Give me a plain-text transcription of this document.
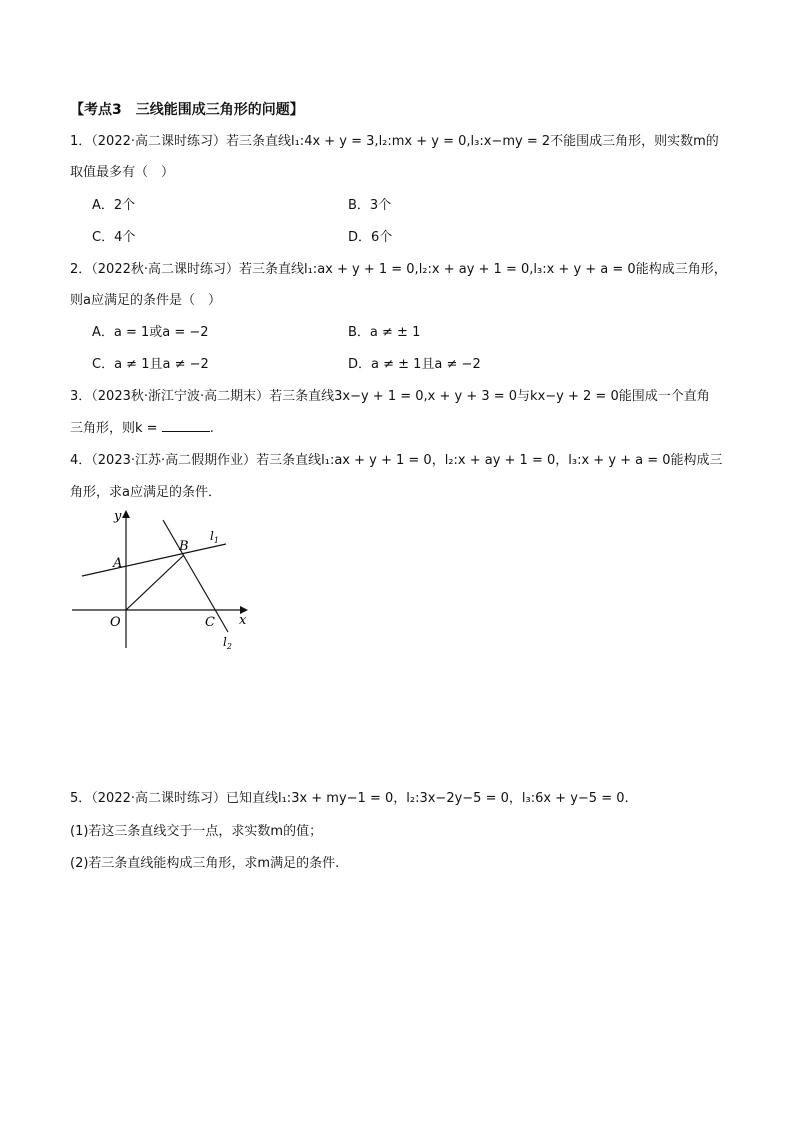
【考点3　三线能围成三角形的问题】
1．（2022·高二课时练习）若三条直线l₁:4x + y = 3,l₂:mx + y = 0,l₃:x−my = 2不能围成三角形，则实数m的
取值最多有（　）
A．2个	B．3个
C．4个	D．6个
2．（2022秋·高二课时练习）若三条直线l₁:ax + y + 1 = 0,l₂:x + ay + 1 = 0,l₃:x + y + a = 0能构成三角形，
则a应满足的条件是（　）
A．a = 1或a = −2	B．a ≠ ± 1
C．a ≠ 1且a ≠ −2	D．a ≠ ± 1且a ≠ −2
3．（2023秋·浙江宁波·高二期末）若三条直线3x−y + 1 = 0,x + y + 3 = 0与kx−y + 2 = 0能围成一个直角
三角形，则k =	.
4．（2023·江苏·高二假期作业）若三条直线l₁:ax + y + 1 = 0，l₂:x + ay + 1 = 0，l₃:x + y + a = 0能构成三
角形，求a应满足的条件．
y
x
O
A
B
C
$l_1$
$l_2$
5．（2022·高二课时练习）已知直线l₁:3x + my−1 = 0，l₂:3x−2y−5 = 0，l₃:6x + y−5 = 0.
(1)若这三条直线交于一点，求实数m的值；
(2)若三条直线能构成三角形，求m满足的条件.
